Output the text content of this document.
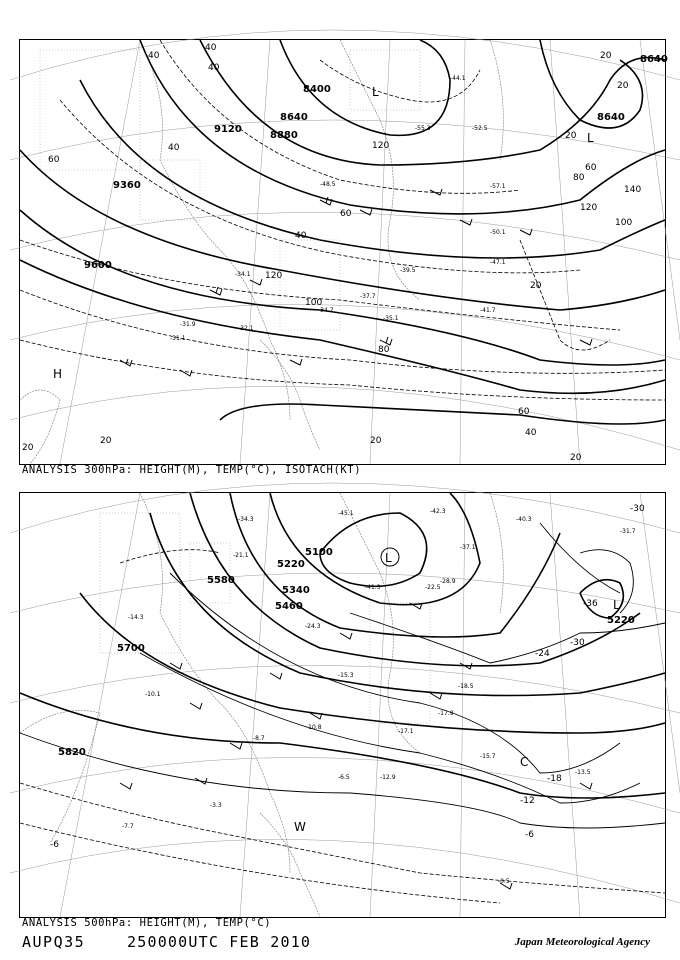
8400
8640	8640
8640
8880
9120
9360
9600
40
40
40
60
40
60
40
120
100
80
120
80
140
120
100
60
20
20
20
20
60
40
20
20
20
20
-31.1
-31.9
-32.1
-34.1
-34.7
-35.1
-37.7
-39.5
-41.7
-44.1
-47.1
-48.5
-50.1
-52.5
-55.3
-57.1
L
L
H
ANALYSIS 300hPa: HEIGHT(M), TEMP(°C), ISOTACH(KT)
5100
5220
5340
5460
5580
5700
5820
5220
-6
-6
-12
-18
-24
-30
-30
-36
-0.5
-3.3
-6.5
-7.7
-8.7
-10.1
-10.8
-12.9
-13.5
-14.3
-15.3
-15.7
-17.1
-17.9
-18.5
-21.1
-22.5
-24.3
-28.9
-31.7
-34.3
-37.1
-40.3
-41.3
-42.3
-45.1
L
L
C
W
ANALYSIS 500hPa: HEIGHT(M), TEMP(°C)
AUPQ35	250000UTC FEB 2010	Japan Meteorological Agency
